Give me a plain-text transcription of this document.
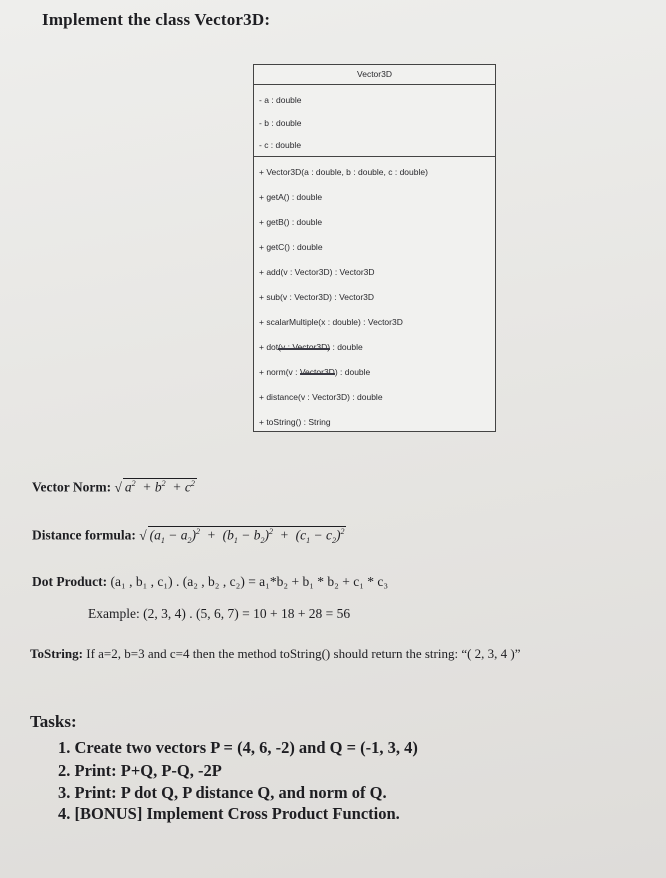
Implement the class Vector3D:
Vector3D
- a : double
- b : double
- c : double
+ Vector3D(a : double, b : double, c : double)
+ getA() : double
+ getB() : double
+ getC() : double
+ add(v : Vector3D) : Vector3D
+ sub(v : Vector3D) : Vector3D
+ scalarMultiple(x : double) : Vector3D
+ dot(v : Vector3D) : double
+ norm(v : Vector3D) : double
+ distance(v : Vector3D) : double
+ toString() : String
Vector Norm: √ $a^2 + b^2 + c^2$
Distance formula: √ $(a_1 - a_2)^2 + (b_1 - b_2)^2 + (c_1 - c_2)^2$
Dot Product: (a₁ , b₁ , c₁) . (a₂ , b₂ , c₂) = a₁*b₂ + b₁ * b₂ + c₁ * c₃
Example: (2, 3, 4) . (5, 6, 7) = 10 + 18 + 28 = 56
ToString: If a=2, b=3 and c=4 then the method toString() should return the string: “( 2, 3, 4 )”
Tasks:
1. Create two vectors P = (4, 6, -2) and Q = (-1, 3, 4)
2. Print: P+Q, P-Q, -2P
3. Print: P dot Q, P distance Q, and norm of Q.
4. [BONUS] Implement Cross Product Function.
